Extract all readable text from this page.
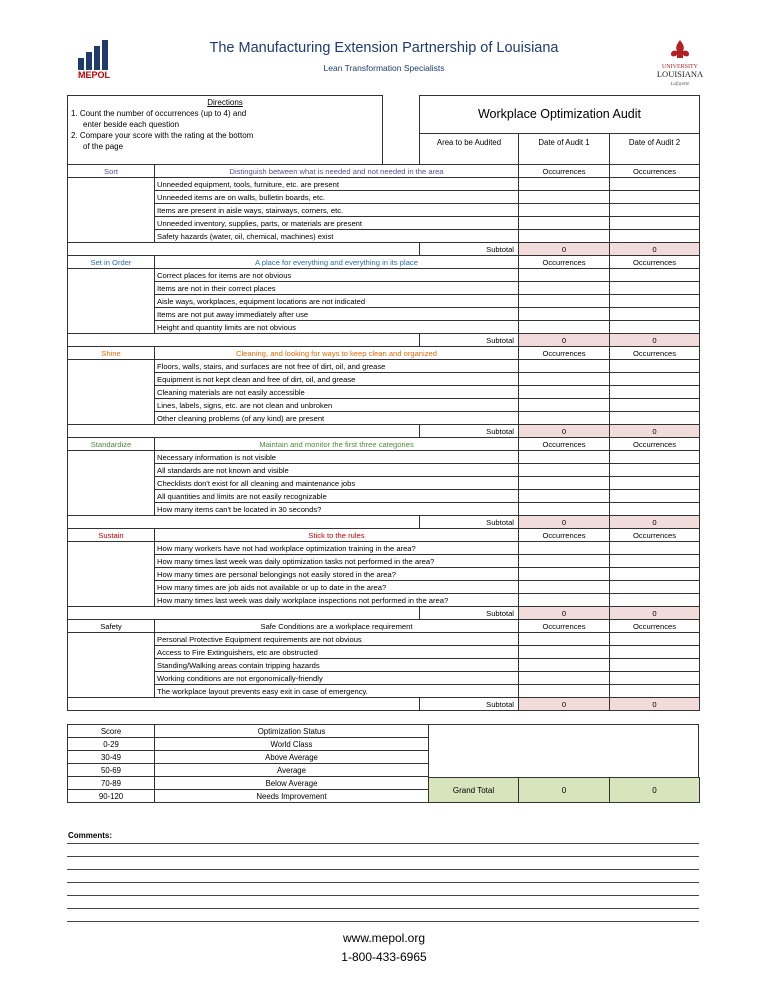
MEPOL
The Manufacturing Extension Partnership of Louisiana
Lean Transformation Specialists	UNIVERSITY
LOUISIANA
Lafayette
Directions
1. Count the number of occurrences (up to 4) and
enter beside each question
2. Compare your score with the rating at the bottom
of the page			Workplace Optimization Audit		
			Area to be Audited	Date of Audit 1	Date of Audit 2
Sort	Distinguish between what is needed and not needed in the area			Occurrences	Occurrences
	Unneeded equipment, tools, furniture, etc. are present				
	Unneeded items are on walls, bulletin boards, etc.				
	Items are present in aisle ways, stairways, corners, etc.				
	Unneeded inventory, supplies, parts, or materials are present				
	Safety hazards (water, oil, chemical, machines) exist				
			Subtotal	0	0
Set in Order	A place for everything and everything in its place			Occurrences	Occurrences
	Correct places for items are not obvious				
	Items are not in their correct places				
	Aisle ways, workplaces, equipment locations are not indicated				
	Items are not put away immediately after use				
	Height and quantity limits are not obvious				
			Subtotal	0	0
Shine	Cleaning, and looking for ways to keep clean and organized			Occurrences	Occurrences
	Floors, walls, stairs, and surfaces are not free of dirt, oil, and grease				
	Equipment is not kept clean and free of dirt, oil, and grease				
	Cleaning materials are not easily accessible				
	Lines, labels, signs, etc. are not clean and unbroken				
	Other cleaning problems (of any kind) are present				
			Subtotal	0	0
Standardize	Maintain and monitor the first three categories			Occurrences	Occurrences
	Necessary information is not visible				
	All standards are not known and visible				
	Checklists don't exist for all cleaning and maintenance jobs				
	All quantities and limits are not easily recognizable				
	How many items can't be located in 30 seconds?				
			Subtotal	0	0
Sustain	Stick to the rules			Occurrences	Occurrences
	How many workers have not had workplace optimization training in the area?				
	How many times last week was daily optimization tasks not performed in the area?				
	How many times are personal belongings not easily stored in the area?				
	How many times are job aids not available or up to date in the area?				
	How many times last week was daily workplace inspections not performed in the area?				
			Subtotal	0	0
Safety	Safe Conditions are a workplace requirement			Occurrences	Occurrences
	Personal Protective Equipment requirements are not obvious				
	Access to Fire Extinguishers, etc are obstructed				
	Standing/Walking areas contain tripping hazards				
	Working conditions are not ergonomically-friendly				
	The workplace layout prevents easy exit in case of emergency.				
			Subtotal	0	0
Score	Optimization Status
0-29	World Class
30-49	Above Average
50-69	Average
70-89	Below Average
90-120	Needs Improvement
Grand Total	0	0
Comments:
www.mepol.org
1-800-433-6965
